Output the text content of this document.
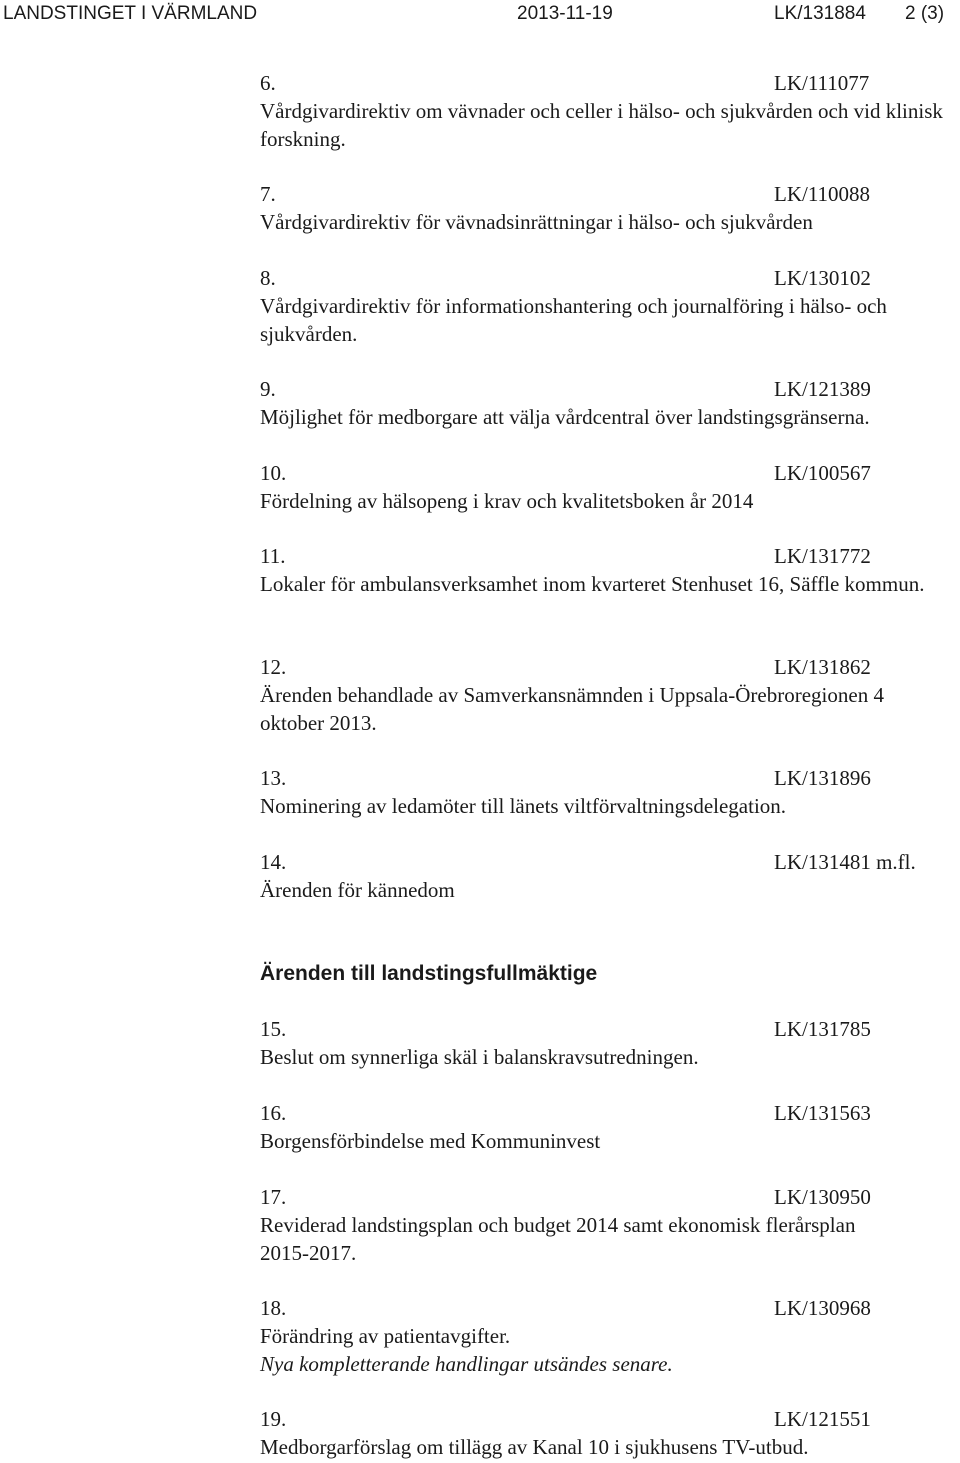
LANDSTINGET I VÄRMLAND	2013-11-19	LK/131884 2 (3)
6.	LK/111077
Vårdgivardirektiv om vävnader och celler i hälso- och sjukvården och vid klinisk forskning.
7.	LK/110088
Vårdgivardirektiv för vävnadsinrättningar i hälso- och sjukvården
8.	LK/130102
Vårdgivardirektiv för informationshantering och journalföring i hälso- och sjukvården.
9.	LK/121389
Möjlighet för medborgare att välja vårdcentral över landstingsgränserna.
10.	LK/100567
Fördelning av hälsopeng i krav och kvalitetsboken år 2014
11.	LK/131772
Lokaler för ambulansverksamhet inom kvarteret Stenhuset 16, Säffle kommun.
12.	LK/131862
Ärenden behandlade av Samverkansnämnden i Uppsala-Örebroregionen 4 oktober 2013.
13.	LK/131896
Nominering av ledamöter till länets viltförvaltningsdelegation.
14.	LK/131481 m.fl.
Ärenden för kännedom
Ärenden till landstingsfullmäktige
15.	LK/131785
Beslut om synnerliga skäl i balanskravsutredningen.
16.	LK/131563
Borgensförbindelse med Kommuninvest
17.	LK/130950
Reviderad landstingsplan och budget 2014 samt ekonomisk flerårsplan 2015-2017.
18.	LK/130968
Förändring av patientavgifter.
Nya kompletterande handlingar utsändes senare.
19.	LK/121551
Medborgarförslag om tillägg av Kanal 10 i sjukhusens TV-utbud.
